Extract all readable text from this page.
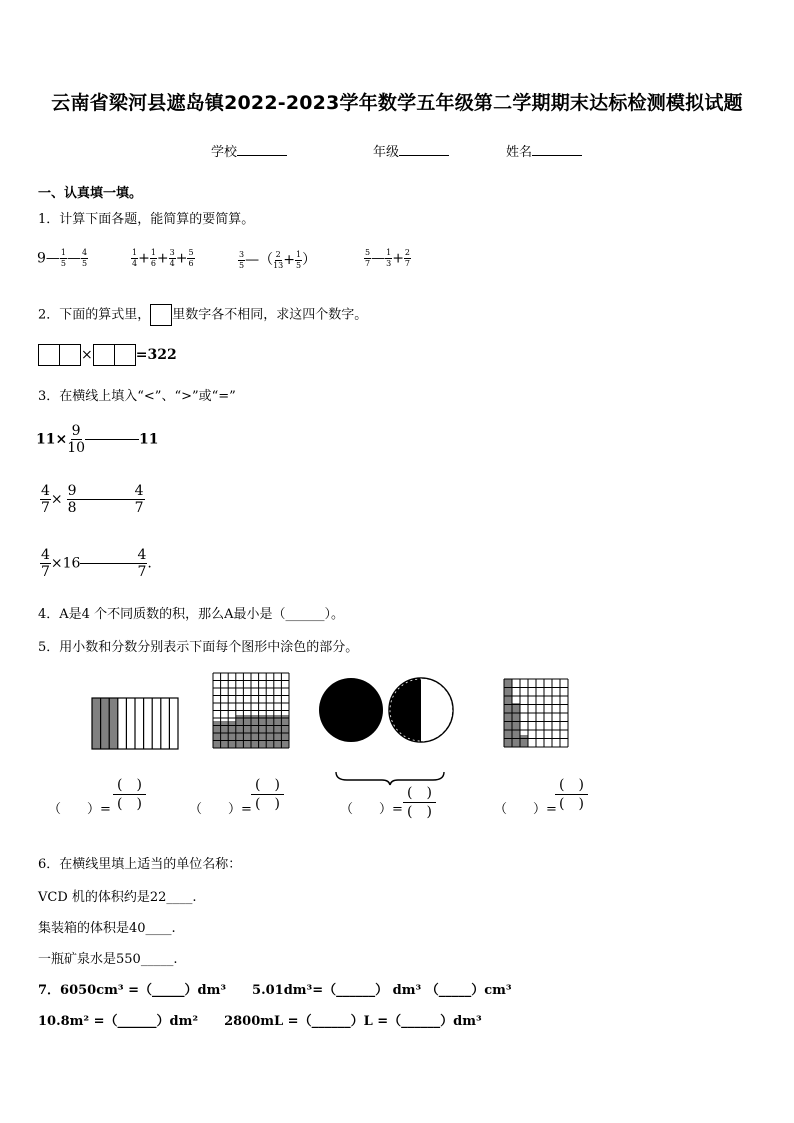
云南省梁河县遮岛镇2022-2023学年数学五年级第二学期期末达标检测模拟试题
学校	年级	姓名
一、认真填一填。
1．计算下面各题，能简算的要简算。
9— $\frac{1}{5}$ — $\frac{4}{5}$	$\frac{1}{4} + \frac{1}{6} + \frac{3}{4} + \frac{5}{6}$	$\frac{3}{5}$ —（ $\frac{2}{13} + \frac{1}{5}$ ）	$\frac{5}{7}$ — $\frac{1}{3} + \frac{2}{7}$
2．下面的算式里， 里数字各不相同，求这四个数字。
×	=322
3．在横线上填入“<”、“>”或“=”
$11\times \frac{9}{10}$	11
$\frac{4}{7} \times \frac{9}{8}$	$\frac{4}{7}$
$\frac{4}{7} \times 16$	$\frac{4}{7}$ .
4．A是4 个不同质数的积，那么A最小是（______）。
5．用小数和分数分别表示下面每个图形中涂色的部分。
（　　）= $\frac{( )}{( )}$	（　　）= $\frac{( )}{( )}$	（　　）= $\frac{( )}{( )}$	（　　）=
$\frac{( )}{( )}$
6．在横线里填上适当的单位名称：
VCD 机的体积约是22____.
集装箱的体积是40____.
一瓶矿泉水是550_____.
7．6050cm³ =（_____）dm³　　5.01dm³=（______） dm³ （_____）cm³
10.8m² =（______）dm²　　2800mL =（______）L =（______）dm³
